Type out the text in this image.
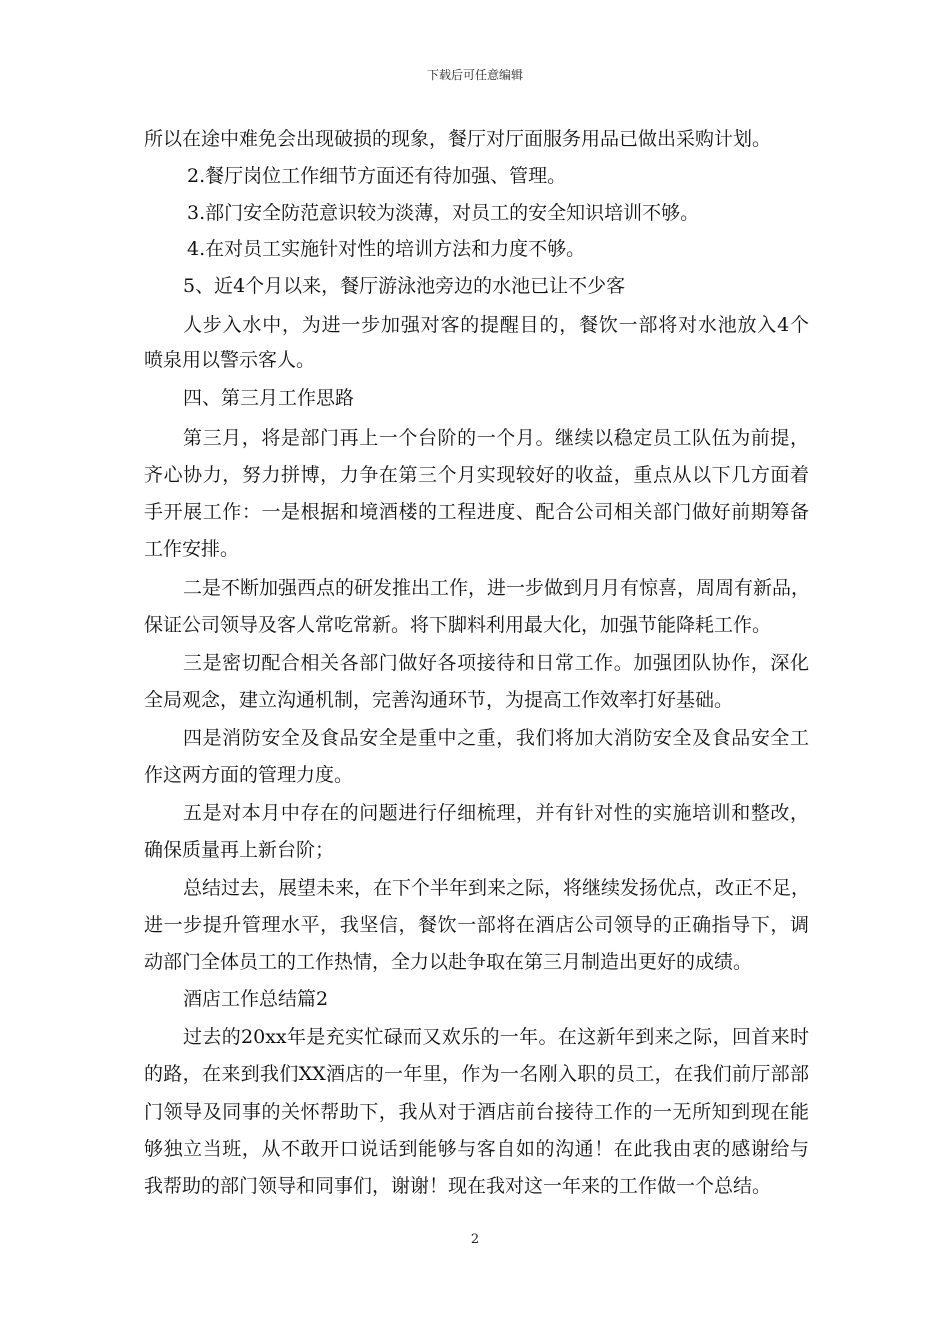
下载后可任意编辑
所以在途中难免会出现破损的现象，餐厅对厅面服务用品已做出采购计划。
2.餐厅岗位工作细节方面还有待加强、管理。
3.部门安全防范意识较为淡薄，对员工的安全知识培训不够。
4.在对员工实施针对性的培训方法和力度不够。
5、近4个月以来，餐厅游泳池旁边的水池已让不少客
人步入水中，为进一步加强对客的提醒目的，餐饮一部将对水池放入4个
喷泉用以警示客人。
四、第三月工作思路
第三月，将是部门再上一个台阶的一个月。继续以稳定员工队伍为前提，
齐心协力，努力拼博，力争在第三个月实现较好的收益，重点从以下几方面着
手开展工作：一是根据和境酒楼的工程进度、配合公司相关部门做好前期筹备
工作安排。
二是不断加强西点的研发推出工作，进一步做到月月有惊喜，周周有新品，
保证公司领导及客人常吃常新。将下脚料利用最大化，加强节能降耗工作。
三是密切配合相关各部门做好各项接待和日常工作。加强团队协作，深化
全局观念，建立沟通机制，完善沟通环节，为提高工作效率打好基础。
四是消防安全及食品安全是重中之重，我们将加大消防安全及食品安全工
作这两方面的管理力度。
五是对本月中存在的问题进行仔细梳理，并有针对性的实施培训和整改，
确保质量再上新台阶；
总结过去，展望未来，在下个半年到来之际，将继续发扬优点，改正不足，
进一步提升管理水平，我坚信，餐饮一部将在酒店公司领导的正确指导下，调
动部门全体员工的工作热情，全力以赴争取在第三月制造出更好的成绩。
酒店工作总结篇2
过去的20xx年是充实忙碌而又欢乐的一年。在这新年到来之际，回首来时
的路，在来到我们XX酒店的一年里，作为一名刚入职的员工，在我们前厅部部
门领导及同事的关怀帮助下，我从对于酒店前台接待工作的一无所知到现在能
够独立当班，从不敢开口说话到能够与客自如的沟通！在此我由衷的感谢给与
我帮助的部门领导和同事们，谢谢！现在我对这一年来的工作做一个总结。
2
